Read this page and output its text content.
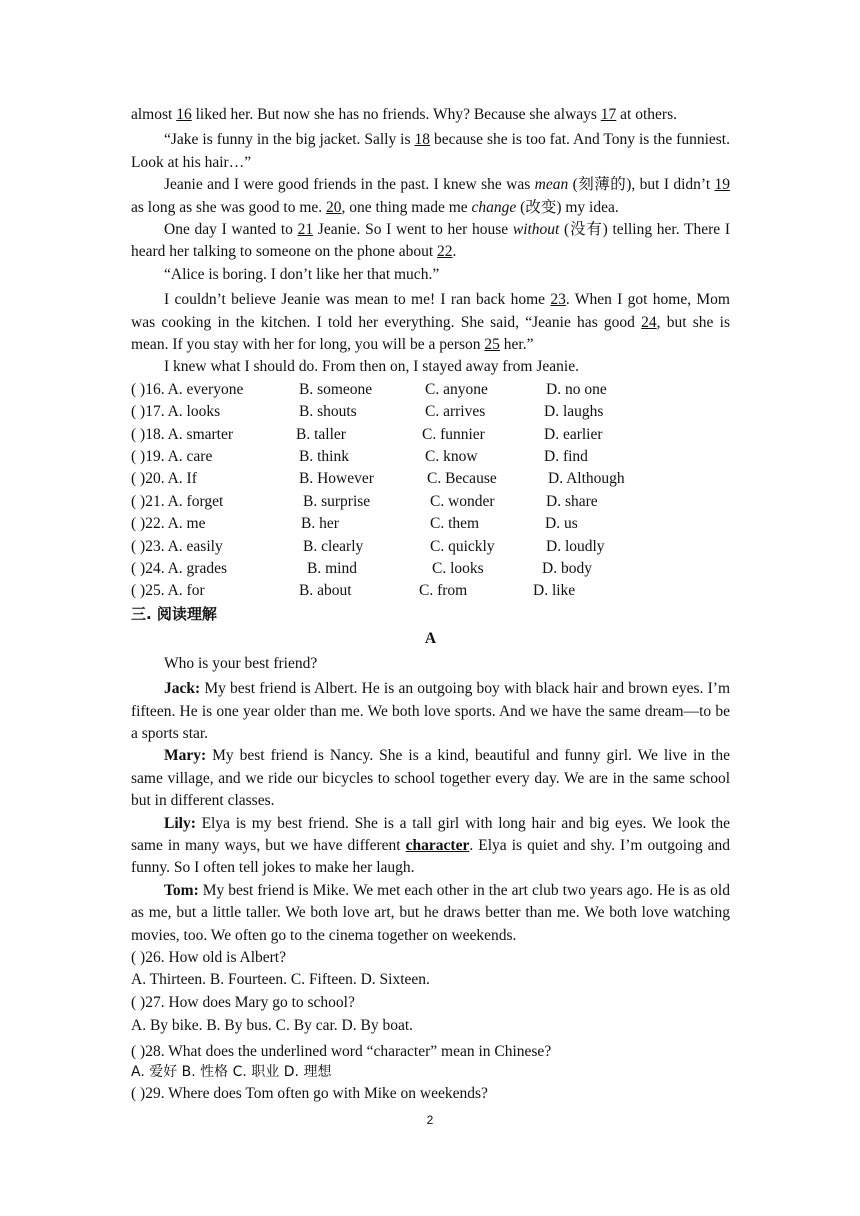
almost 16 liked her. But now she has no friends. Why? Because she always 17 at others.

“Jake is funny in the big jacket. Sally is 18 because she is too fat. And Tony is the funniest. Look at his hair…”

Jeanie and I were good friends in the past. I knew she was mean (刻薄的), but I didn’t 19 as long as she was good to me. 20, one thing made me change (改变) my idea.

One day I wanted to 21 Jeanie. So I went to her house without (没有) telling her. There I heard her talking to someone on the phone about 22.

“Alice is boring. I don’t like her that much.”

I couldn’t believe Jeanie was mean to me! I ran back home 23. When I got home, Mom was cooking in the kitchen. I told her everything. She said, “Jeanie has good 24, but she is mean. If you stay with her for long, you will be a person 25 her.”

I knew what I should do. From then on, I stayed away from Jeanie.

( )16. A. everyone	B. someone	C. anyone	D. no one
( )17. A. looks	B. shouts	C. arrives	D. laughs
( )18. A. smarter	B. taller	C. funnier	D. earlier
( )19. A. care	B. think	C. know	D. find
( )20. A. If	B. However	C. Because	D. Although
( )21. A. forget	B. surprise	C. wonder	D. share
( )22. A. me	B. her	C. them	D. us
( )23. A. easily	B. clearly	C. quickly	D. loudly
( )24. A. grades	B. mind	C. looks	D. body
( )25. A. for	B. about	C. from	D. like

三. 阅读理解

A

Who is your best friend?

Jack: My best friend is Albert. He is an outgoing boy with black hair and brown eyes. I’m fifteen. He is one year older than me. We both love sports. And we have the same dream—to be a sports star.

Mary: My best friend is Nancy. She is a kind, beautiful and funny girl. We live in the same village, and we ride our bicycles to school together every day. We are in the same school but in different classes.

Lily: Elya is my best friend. She is a tall girl with long hair and big eyes. We look the same in many ways, but we have different character. Elya is quiet and shy. I’m outgoing and funny. So I often tell jokes to make her laugh.

Tom: My best friend is Mike. We met each other in the art club two years ago. He is as old as me, but a little taller. We both love art, but he draws better than me. We both love watching movies, too. We often go to the cinema together on weekends.

( )26. How old is Albert?

A. Thirteen. B. Fourteen. C. Fifteen. D. Sixteen.

( )27. How does Mary go to school?

A. By bike. B. By bus. C. By car. D. By boat.

( )28. What does the underlined word “character” mean in Chinese?

A. 爱好 B. 性格 C. 职业 D. 理想

( )29. Where does Tom often go with Mike on weekends?

2
